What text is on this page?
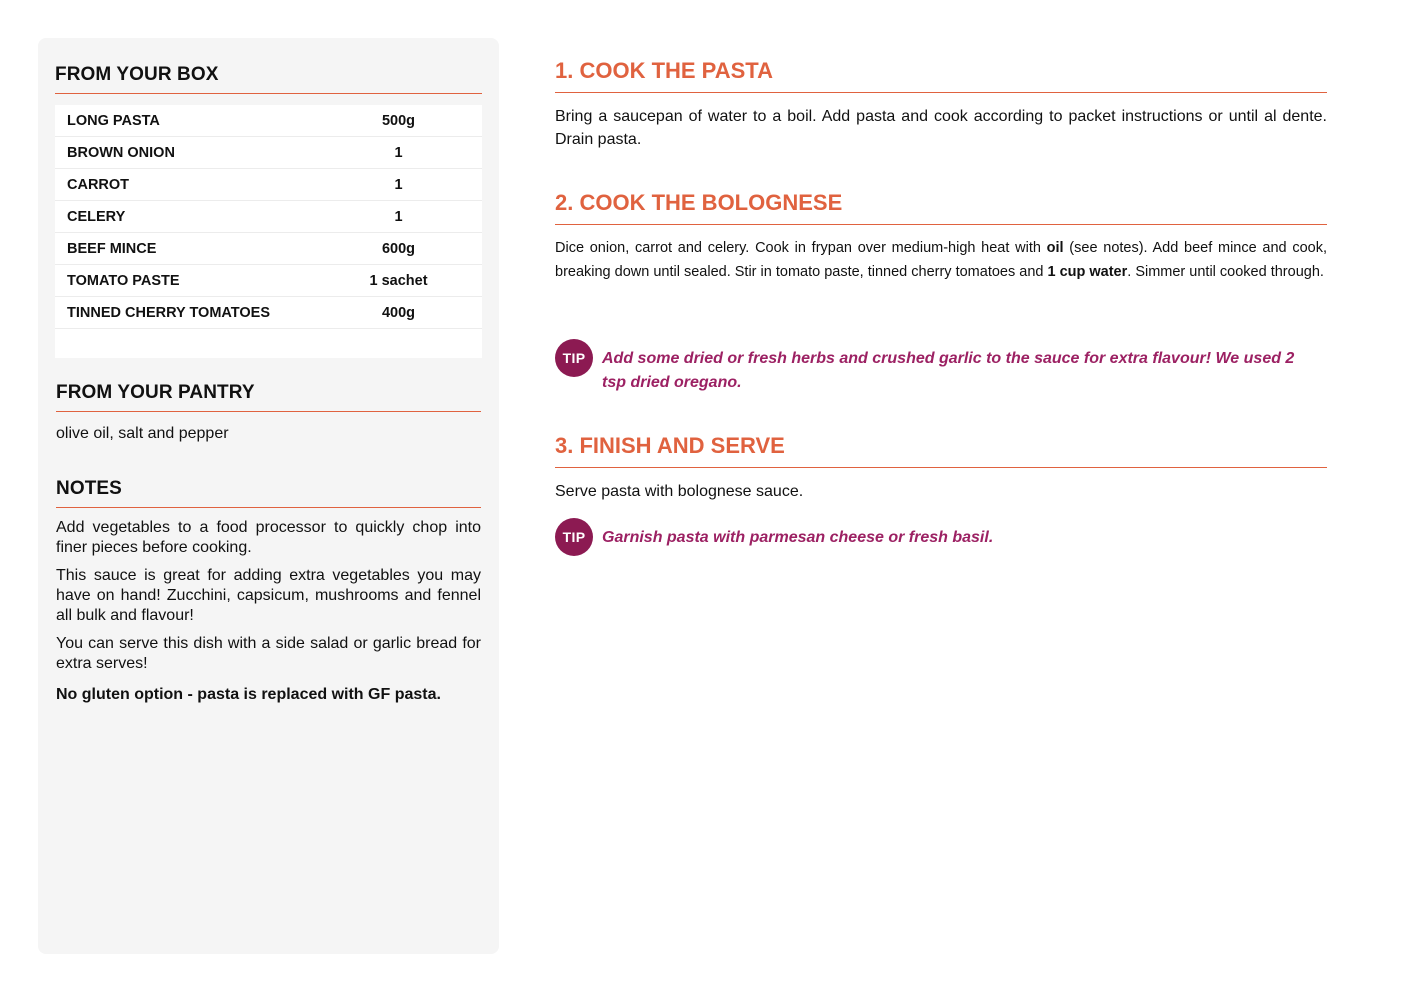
FROM YOUR BOX
LONG PASTA	500g
BROWN ONION	1
CARROT	1
CELERY	1
BEEF MINCE	600g
TOMATO PASTE	1 sachet
TINNED CHERRY TOMATOES	400g
FROM YOUR PANTRY
olive oil, salt and pepper
NOTES

Add vegetables to a food processor to quickly chop into finer pieces before cooking.

This sauce is great for adding extra vegetables you may have on hand! Zucchini, capsicum, mushrooms and fennel all bulk and flavour!

You can serve this dish with a side salad or garlic bread for extra serves!

No gluten option - pasta is replaced with GF pasta.

1. COOK THE PASTA
Bring a saucepan of water to a boil. Add pasta and cook according to packet instructions or until al dente. Drain pasta.
2. COOK THE BOLOGNESE
Dice onion, carrot and celery. Cook in frypan over medium-high heat with oil (see notes). Add beef mince and cook, breaking down until sealed. Stir in tomato paste, tinned cherry tomatoes and 1 cup water. Simmer until cooked through.
TIP	Add some dried or fresh herbs and crushed garlic to the sauce for extra flavour! We used 2 tsp dried oregano.
3. FINISH AND SERVE
Serve pasta with bolognese sauce.
TIP	Garnish pasta with parmesan cheese or fresh basil.
